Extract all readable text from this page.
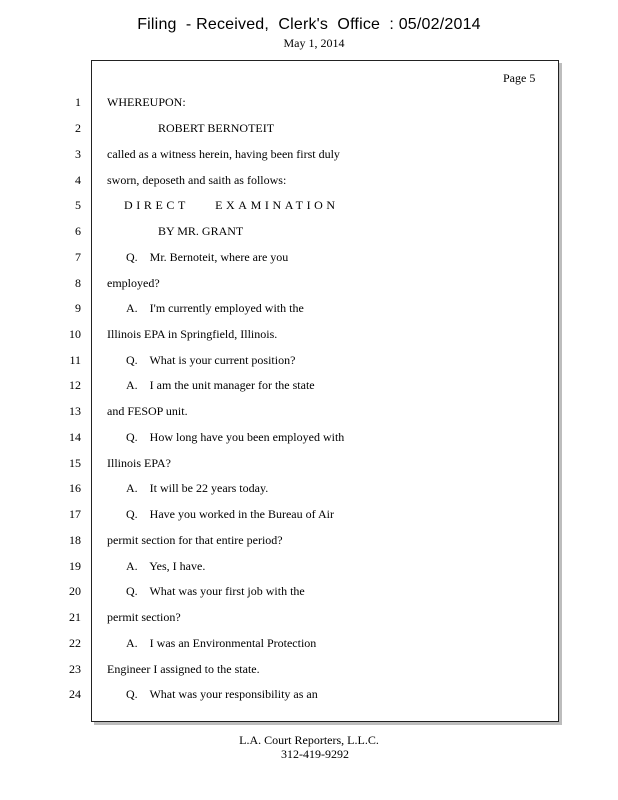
Filing  - Received,  Clerk's  Office  : 05/02/2014
May 1, 2014
Page 5
1 WHEREUPON:
2	ROBERT BERNOTEIT
3 called as a witness herein, having been first duly
4 sworn, deposeth and saith as follows:
5	DIRECT    EXAMINATION
6	BY MR. GRANT
7	Q.    Mr. Bernoteit, where are you
8 employed?
9	A.    I'm currently employed with the
10 Illinois EPA in Springfield, Illinois.
11	Q.    What is your current position?
12	A.    I am the unit manager for the state
13 and FESOP unit.
14	Q.    How long have you been employed with
15 Illinois EPA?
16	A.    It will be 22 years today.
17	Q.    Have you worked in the Bureau of Air
18 permit section for that entire period?
19	A.    Yes, I have.
20	Q.    What was your first job with the
21 permit section?
22	A.    I was an Environmental Protection
23 Engineer I assigned to the state.
24	Q.    What was your responsibility as an
L.A. Court Reporters, L.L.C.
312-419-9292
